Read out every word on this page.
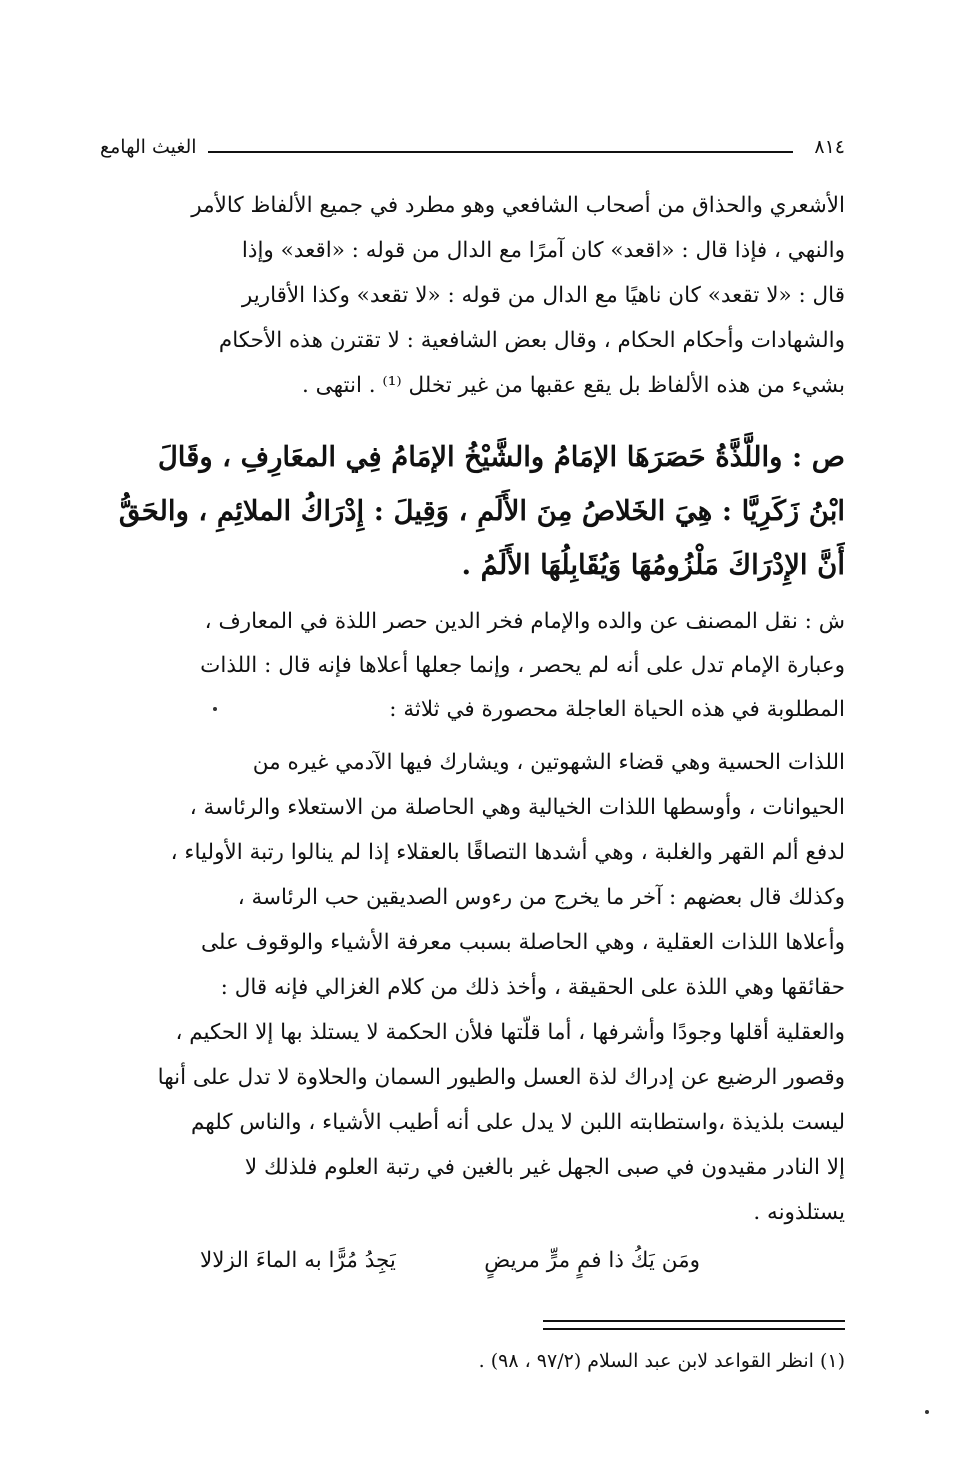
٨١٤
الغيث الهامع
الأشعري والحذاق من أصحاب الشافعي وهو مطرد في جميع الألفاظ كالأمر
والنهي ، فإذا قال : «اقعد» كان آمرًا مع الدال من قوله : «اقعد» وإذا
قال : «لا تقعد» كان ناهيًا مع الدال من قوله : «لا تقعد» وكذا الأقارير
والشهادات وأحكام الحكام ، وقال بعض الشافعية : لا تقترن هذه الأحكام
بشيء من هذه الألفاظ بل يقع عقبها من غير تخلل ⁽¹⁾ . انتهى .
ص : واللَّذَّةُ حَصَرَهَا الإمَامُ والشَّيْخُ الإمَامُ فِي المعَارِفِ ، وقَالَ
ابْنُ زَكَرِيَّا : هِيَ الخَلاصُ مِنَ الأَلَمِ ، وَقِيلَ : إِدْرَاكُ الملائِمِ ، والحَقُّ
أَنَّ الإِدْرَاكَ مَلْزُومُهَا وَيُقَابِلُهَا الأَلَمُ .
ش : نقل المصنف عن والده والإمام فخر الدين حصر اللذة في المعارف ،
وعبارة الإمام تدل على أنه لم يحصر ، وإنما جعلها أعلاها فإنه قال : اللذات
المطلوبة في هذه الحياة العاجلة محصورة في ثلاثة :
اللذات الحسية وهي قضاء الشهوتين ، ويشارك فيها الآدمي غيره من
الحيوانات ، وأوسطها اللذات الخيالية وهي الحاصلة من الاستعلاء والرئاسة ،
لدفع ألم القهر والغلبة ، وهي أشدها التصاقًا بالعقلاء إذا لم ينالوا رتبة الأولياء ،
وكذلك قال بعضهم : آخر ما يخرج من رءوس الصديقين حب الرئاسة ،
وأعلاها اللذات العقلية ، وهي الحاصلة بسبب معرفة الأشياء والوقوف على
حقائقها وهي اللذة على الحقيقة ، وأخذ ذلك من كلام الغزالي فإنه قال :
والعقلية أقلها وجودًا وأشرفها ، أما قلّتها فلأن الحكمة لا يستلذ بها إلا الحكيم ،
وقصور الرضيع عن إدراك لذة العسل والطيور السمان والحلاوة لا تدل على أنها
ليست بلذيذة ،واستطابته اللبن لا يدل على أنه أطيب الأشياء ، والناس كلهم
إلا النادر مقيدون في صبى الجهل غير بالغين في رتبة العلوم فلذلك لا
يستلذونه .
ومَن يَكُ ذا فمٍ مرٍّ مريضٍ
يَجِدُ مُرًّا به الماءَ الزلالا
(١) انظر القواعد لابن عبد السلام (٩٧/٢ ، ٩٨) .
